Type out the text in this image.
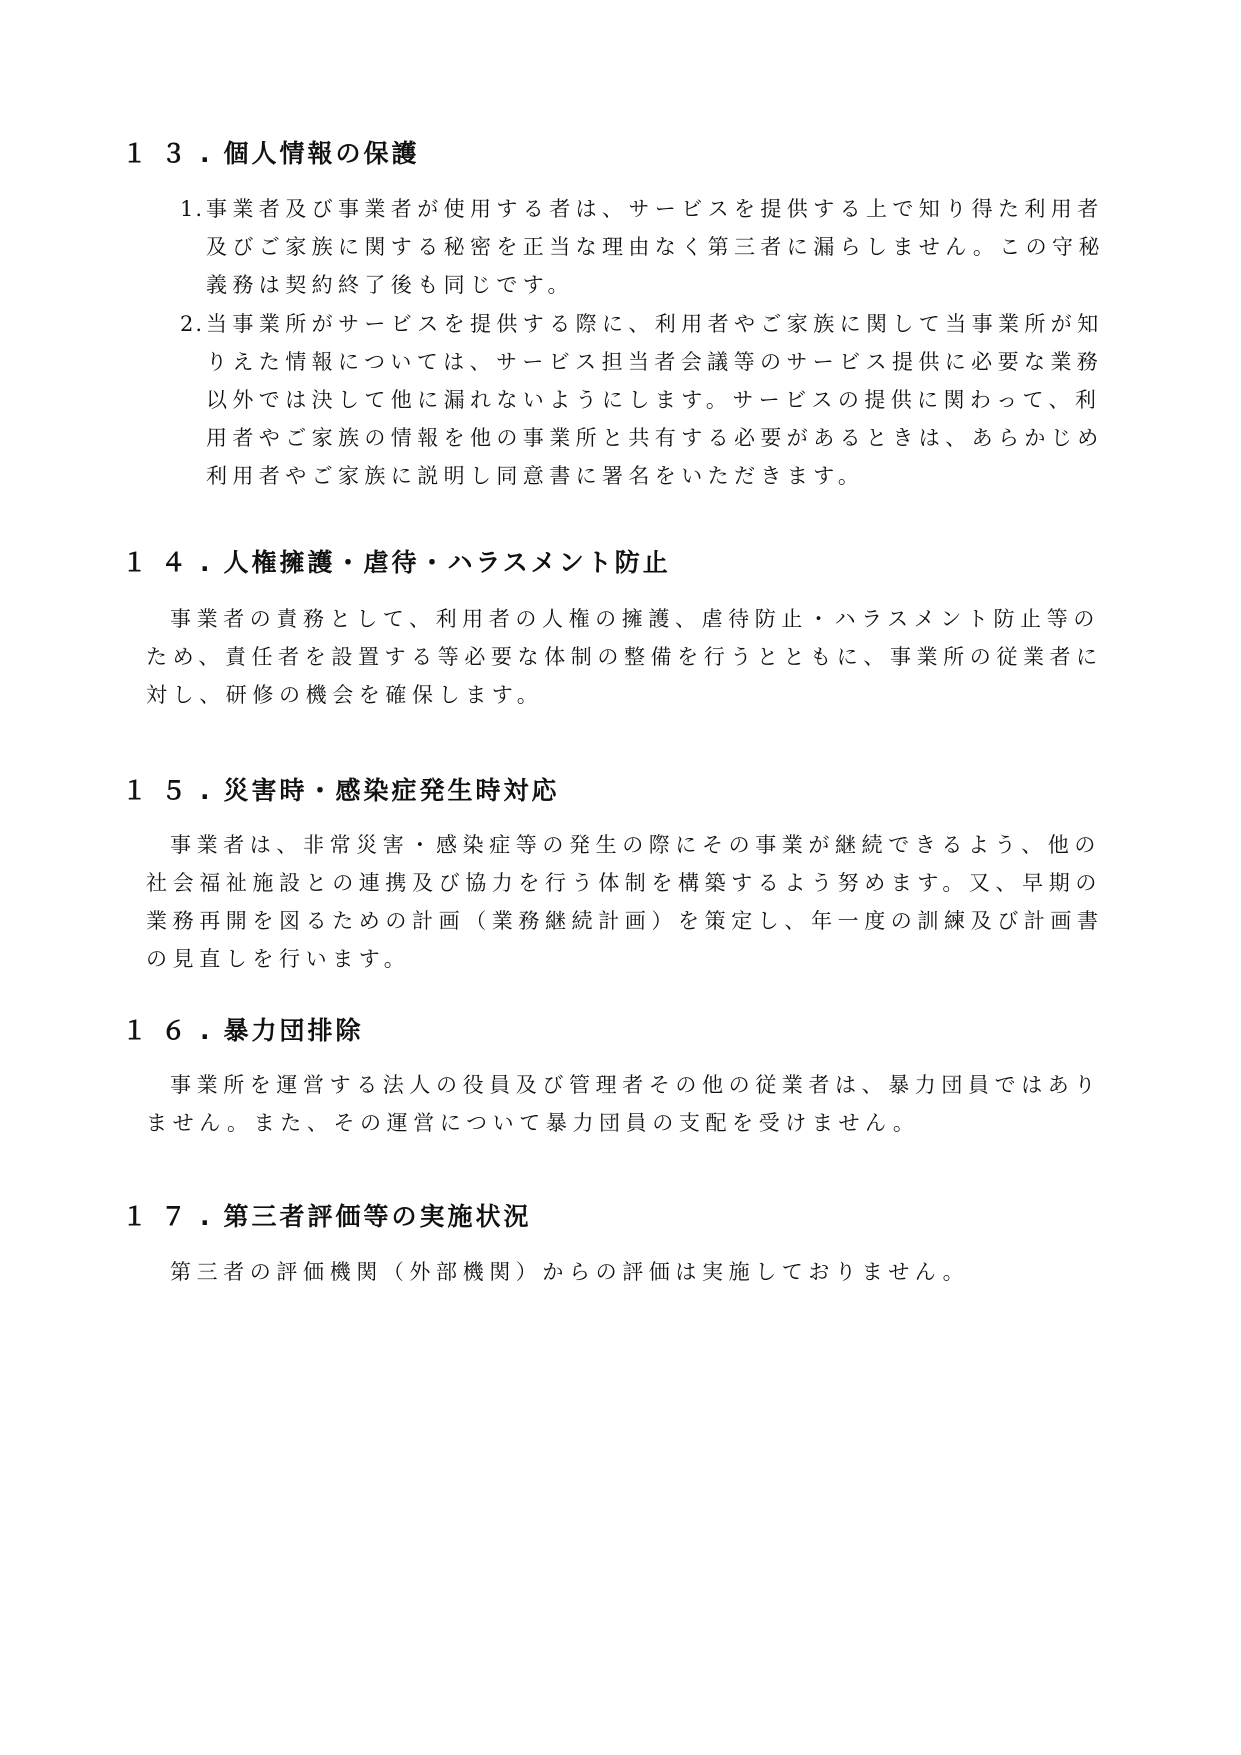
１３.個人情報の保護
1. 事業者及び事業者が使用する者は、サービスを提供する上で知り得た利用者及びご家族に関する秘密を正当な理由なく第三者に漏らしません。この守秘義務は契約終了後も同じです。
2. 当事業所がサービスを提供する際に、利用者やご家族に関して当事業所が知りえた情報については、サービス担当者会議等のサービス提供に必要な業務以外では決して他に漏れないようにします。サービスの提供に関わって、利用者やご家族の情報を他の事業所と共有する必要があるときは、あらかじめ利用者やご家族に説明し同意書に署名をいただきます。
１４.人権擁護・虐待・ハラスメント防止

事業者の責務として、利用者の人権の擁護、虐待防止・ハラスメント防止等のため、責任者を設置する等必要な体制の整備を行うとともに、事業所の従業者に対し、研修の機会を確保します。

１５.災害時・感染症発生時対応

事業者は、非常災害・感染症等の発生の際にその事業が継続できるよう、他の社会福祉施設との連携及び協力を行う体制を構築するよう努めます。又、早期の業務再開を図るための計画（業務継続計画）を策定し、年一度の訓練及び計画書の見直しを行います。

１６.暴力団排除

事業所を運営する法人の役員及び管理者その他の従業者は、暴力団員ではありません。また、その運営について暴力団員の支配を受けません。

１７.第三者評価等の実施状況

第三者の評価機関（外部機関）からの評価は実施しておりません。
